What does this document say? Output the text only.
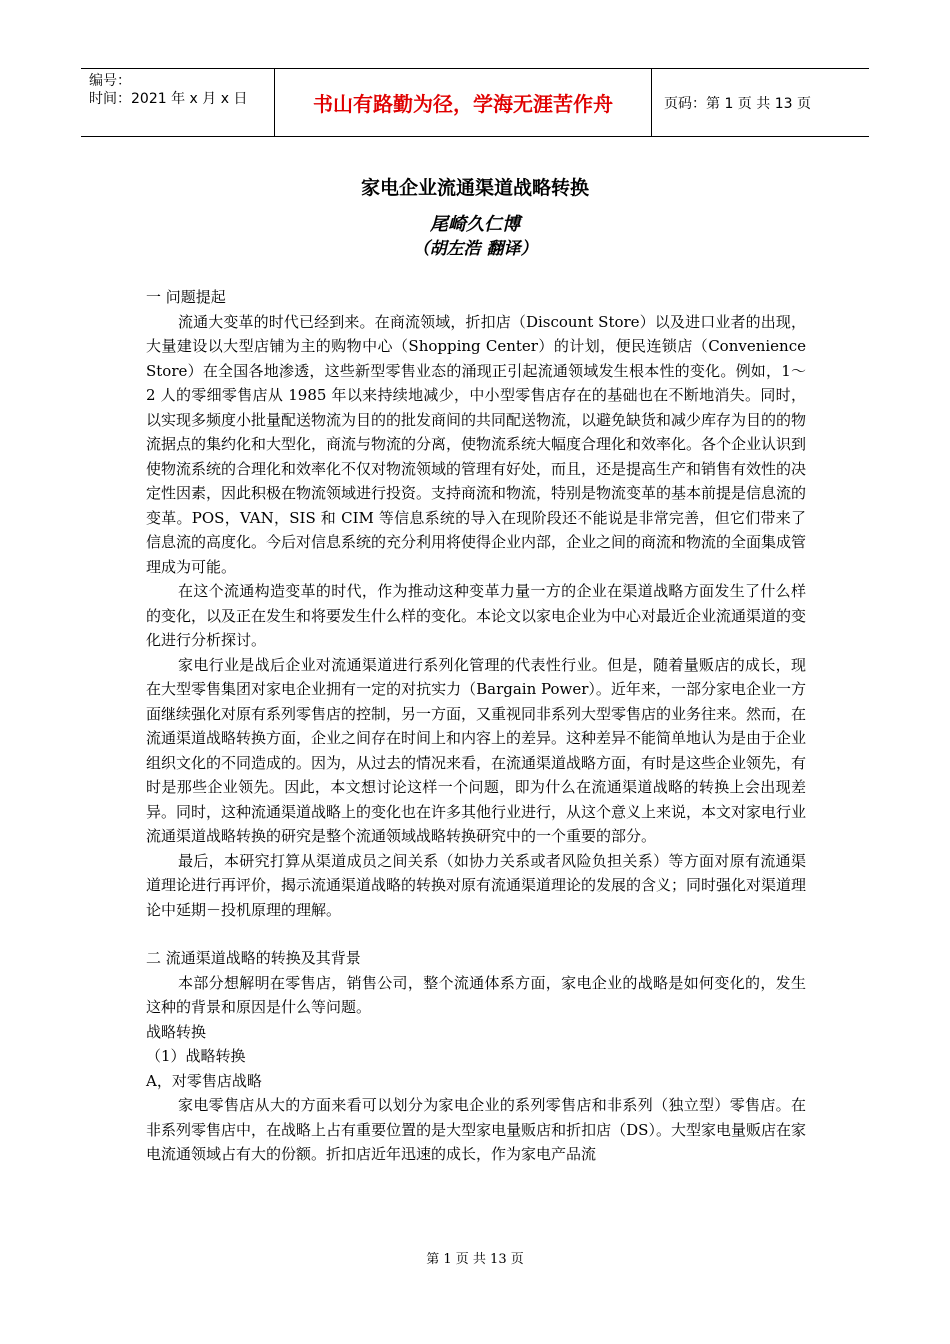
编号：
时间：2021 年 x 月 x 日	书山有路勤为径，学海无涯苦作舟	页码：第 1 页 共 13 页
家电企业流通渠道战略转换
尾崎久仁博
（胡左浩 翻译）

一 问题提起

流通大变革的时代已经到来。在商流领域，折扣店（Discount Store）以及进口业者的出现，大量建设以大型店铺为主的购物中心（Shopping Center）的计划，便民连锁店（Convenience Store）在全国各地渗透，这些新型零售业态的涌现正引起流通领域发生根本性的变化。例如，1～2 人的零细零售店从 1985 年以来持续地减少，中小型零售店存在的基础也在不断地消失。同时，以实现多频度小批量配送物流为目的的批发商间的共同配送物流，以避免缺货和减少库存为目的的物流据点的集约化和大型化，商流与物流的分离，使物流系统大幅度合理化和效率化。各个企业认识到使物流系统的合理化和效率化不仅对物流领域的管理有好处，而且，还是提高生产和销售有效性的决定性因素，因此积极在物流领域进行投资。支持商流和物流，特别是物流变革的基本前提是信息流的变革。POS，VAN，SIS 和 CIM 等信息系统的导入在现阶段还不能说是非常完善，但它们带来了信息流的高度化。今后对信息系统的充分利用将使得企业内部，企业之间的商流和物流的全面集成管理成为可能。

在这个流通构造变革的时代，作为推动这种变革力量一方的企业在渠道战略方面发生了什么样的变化，以及正在发生和将要发生什么样的变化。本论文以家电企业为中心对最近企业流通渠道的变化进行分析探讨。

家电行业是战后企业对流通渠道进行系列化管理的代表性行业。但是，随着量贩店的成长，现在大型零售集团对家电企业拥有一定的对抗实力（Bargain Power）。近年来，一部分家电企业一方面继续强化对原有系列零售店的控制，另一方面，又重视同非系列大型零售店的业务往来。然而，在流通渠道战略转换方面，企业之间存在时间上和内容上的差异。这种差异不能简单地认为是由于企业组织文化的不同造成的。因为，从过去的情况来看，在流通渠道战略方面，有时是这些企业领先，有时是那些企业领先。因此，本文想讨论这样一个问题，即为什么在流通渠道战略的转换上会出现差异。同时，这种流通渠道战略上的变化也在许多其他行业进行，从这个意义上来说，本文对家电行业流通渠道战略转换的研究是整个流通领域战略转换研究中的一个重要的部分。

最后，本研究打算从渠道成员之间关系（如协力关系或者风险负担关系）等方面对原有流通渠道理论进行再评价，揭示流通渠道战略的转换对原有流通渠道理论的发展的含义；同时强化对渠道理论中延期－投机原理的理解。

二 流通渠道战略的转换及其背景

本部分想解明在零售店，销售公司，整个流通体系方面，家电企业的战略是如何变化的，发生这种的背景和原因是什么等问题。

战略转换

（1）战略转换

A，对零售店战略

家电零售店从大的方面来看可以划分为家电企业的系列零售店和非系列（独立型）零售店。在非系列零售店中，在战略上占有重要位置的是大型家电量贩店和折扣店（DS）。大型家电量贩店在家电流通领域占有大的份额。折扣店近年迅速的成长，作为家电产品流

第 1 页 共 13 页
